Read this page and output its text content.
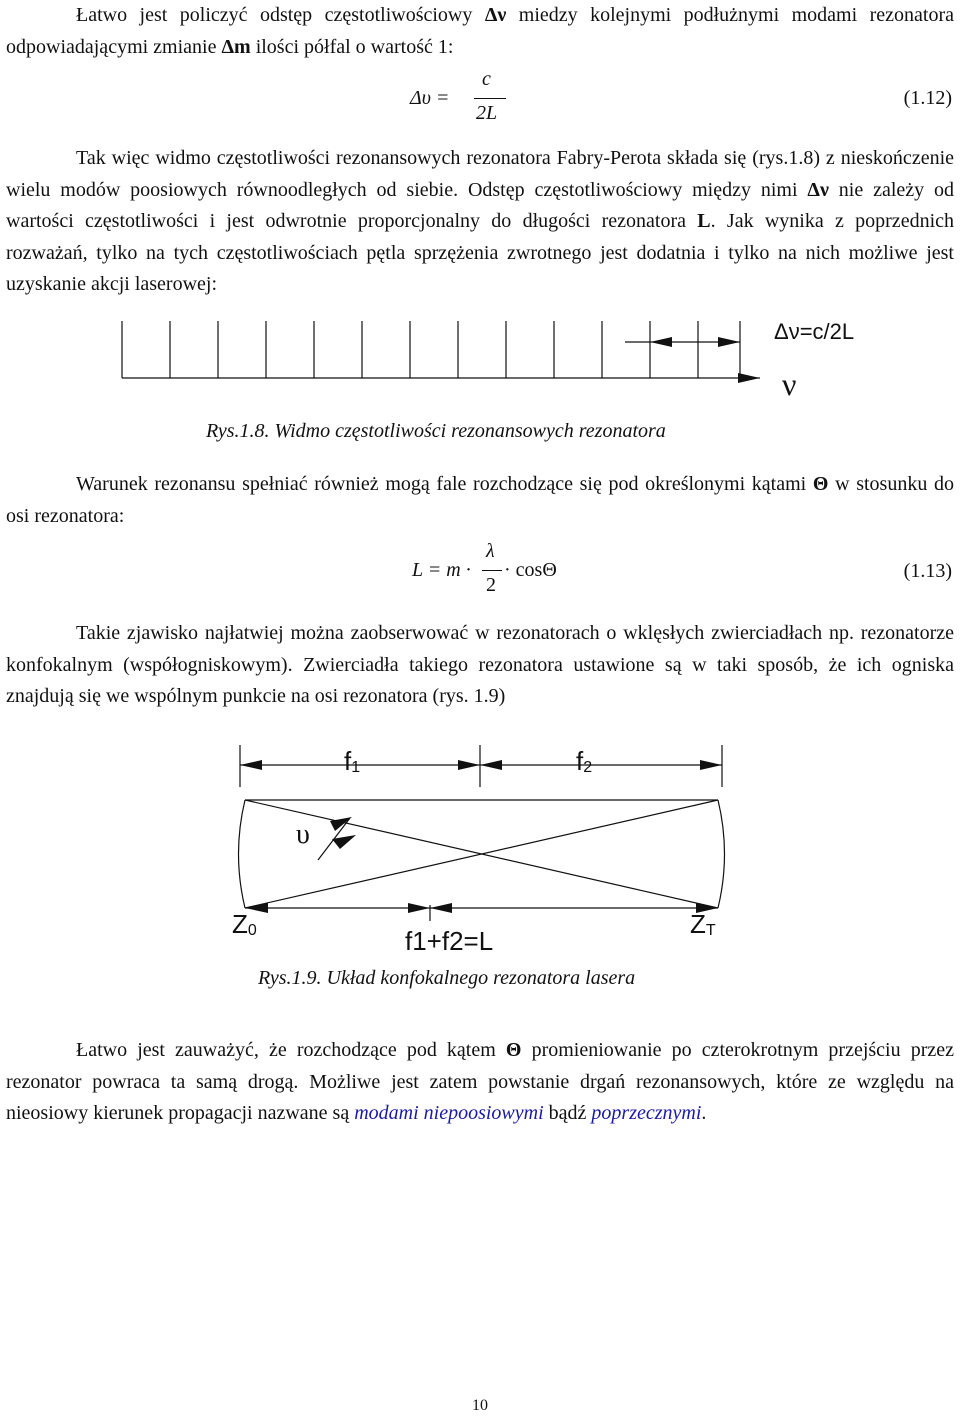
Łatwo jest policzyć odstęp częstotliwościowy Δν miedzy kolejnymi podłużnymi modami rezonatora odpowiadającymi zmianie Δm ilości półfal o wartość 1:
Δυ =
c
2L
(1.12)
Tak więc widmo częstotliwości rezonansowych rezonatora Fabry-Perota składa się (rys.1.8) z nieskończenie wielu modów poosiowych równoodległych od siebie. Odstęp częstotliwościowy między nimi Δν nie zależy od wartości częstotliwości i jest odwrotnie proporcjonalny do długości rezonatora L. Jak wynika z poprzednich rozważań, tylko na tych częstotliwościach pętla sprzężenia zwrotnego jest dodatnia i tylko na nich możliwe jest uzyskanie akcji laserowej:
Δν=c/2L
ν
Rys.1.8. Widmo częstotliwości rezonansowych rezonatora
Warunek rezonansu spełniać również mogą fale rozchodzące się pod określonymi kątami Θ w stosunku do osi rezonatora:
L = m ·
λ
2
· cosΘ	(1.13)
Takie zjawisko najłatwiej można zaobserwować w rezonatorach o wklęsłych zwierciadłach np. rezonatorze konfokalnym (współogniskowym). Zwierciadła takiego rezonatora ustawione są w taki sposób, że ich ogniska znajdują się we wspólnym punkcie na osi rezonatora (rys. 1.9)
f1	f2
υ
Z0	ZT
f1+f2=L
Rys.1.9. Układ konfokalnego rezonatora lasera
Łatwo jest zauważyć, że rozchodzące pod kątem Θ promieniowanie po czterokrotnym przejściu przez rezonator powraca ta samą drogą. Możliwe jest zatem powstanie drgań rezonansowych, które ze względu na nieosiowy kierunek propagacji nazwane są modami niepoosiowymi bądź poprzecznymi.
10
